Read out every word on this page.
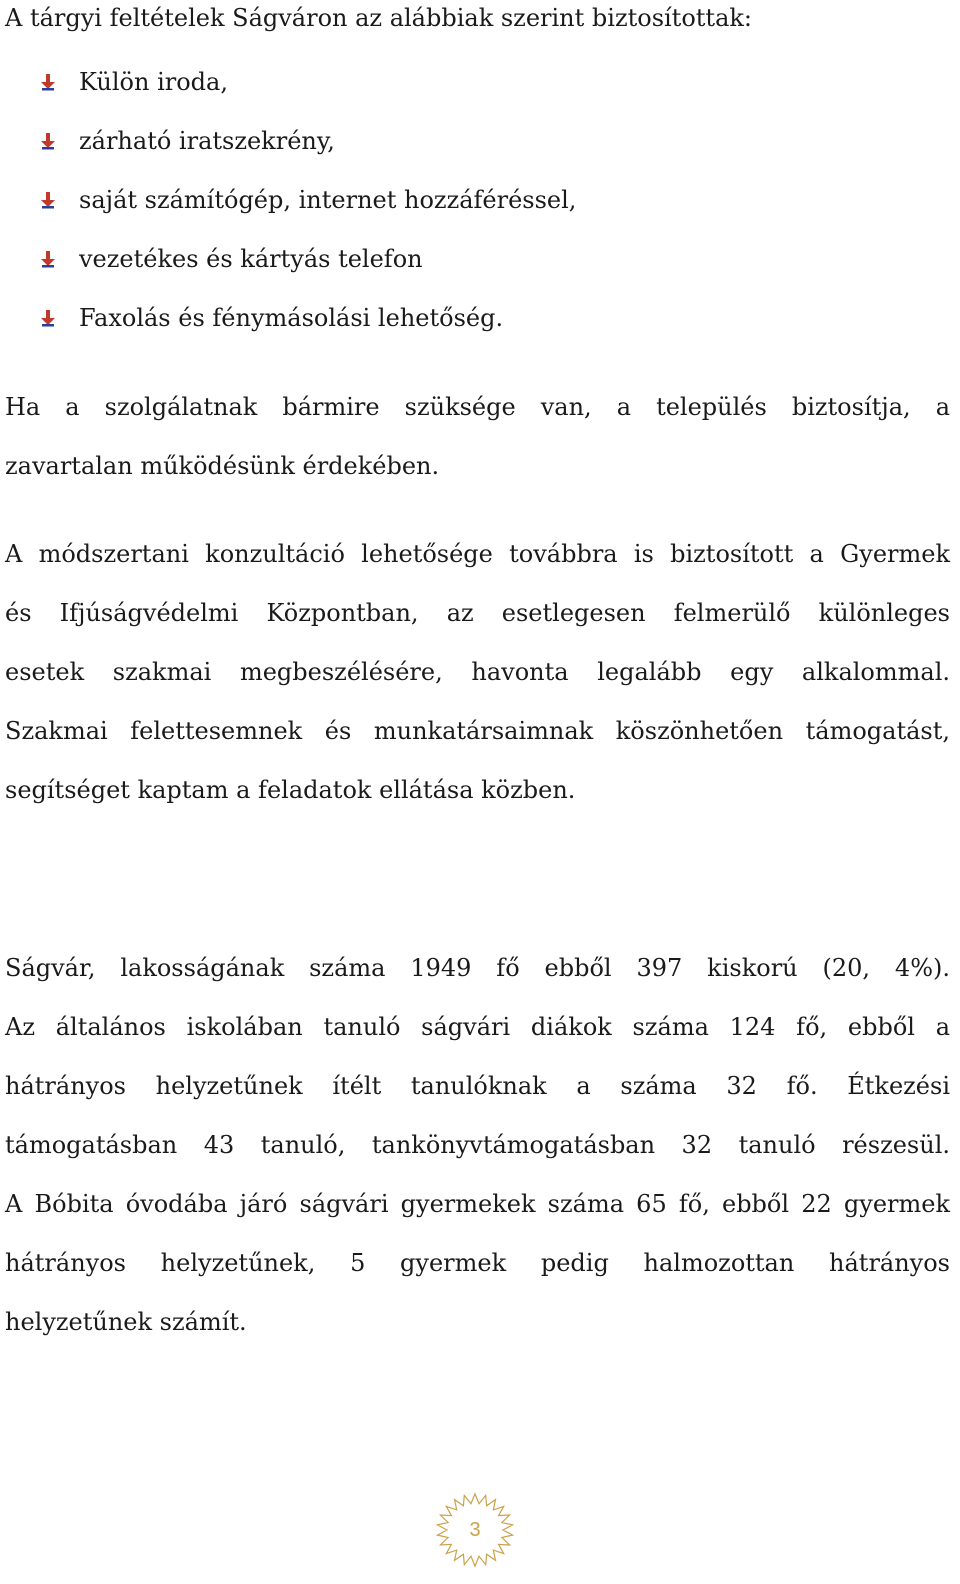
A tárgyi feltételek Ságváron az alábbiak szerint biztosítottak:
Külön iroda,
zárható iratszekrény,
saját számítógép, internet hozzáféréssel,
vezetékes és kártyás telefon
Faxolás és fénymásolási lehetőség.
Ha a szolgálatnak bármire szüksége van, a település biztosítja, a
zavartalan működésünk érdekében.
A módszertani konzultáció lehetősége továbbra is biztosított a Gyermek
és Ifjúságvédelmi Központban, az esetlegesen felmerülő különleges
esetek szakmai megbeszélésére, havonta legalább egy alkalommal.
Szakmai felettesemnek és munkatársaimnak köszönhetően támogatást,
segítséget kaptam a feladatok ellátása közben.
Ságvár, lakosságának száma 1949 fő ebből 397 kiskorú (20, 4%).
Az általános iskolában tanuló ságvári diákok száma 124 fő, ebből a
hátrányos helyzetűnek ítélt tanulóknak a száma 32 fő. Étkezési
támogatásban 43 tanuló, tankönyvtámogatásban 32 tanuló részesül.
A Bóbita óvodába járó ságvári gyermekek száma 65 fő, ebből 22 gyermek
hátrányos helyzetűnek, 5 gyermek pedig halmozottan hátrányos
helyzetűnek számít.
3
